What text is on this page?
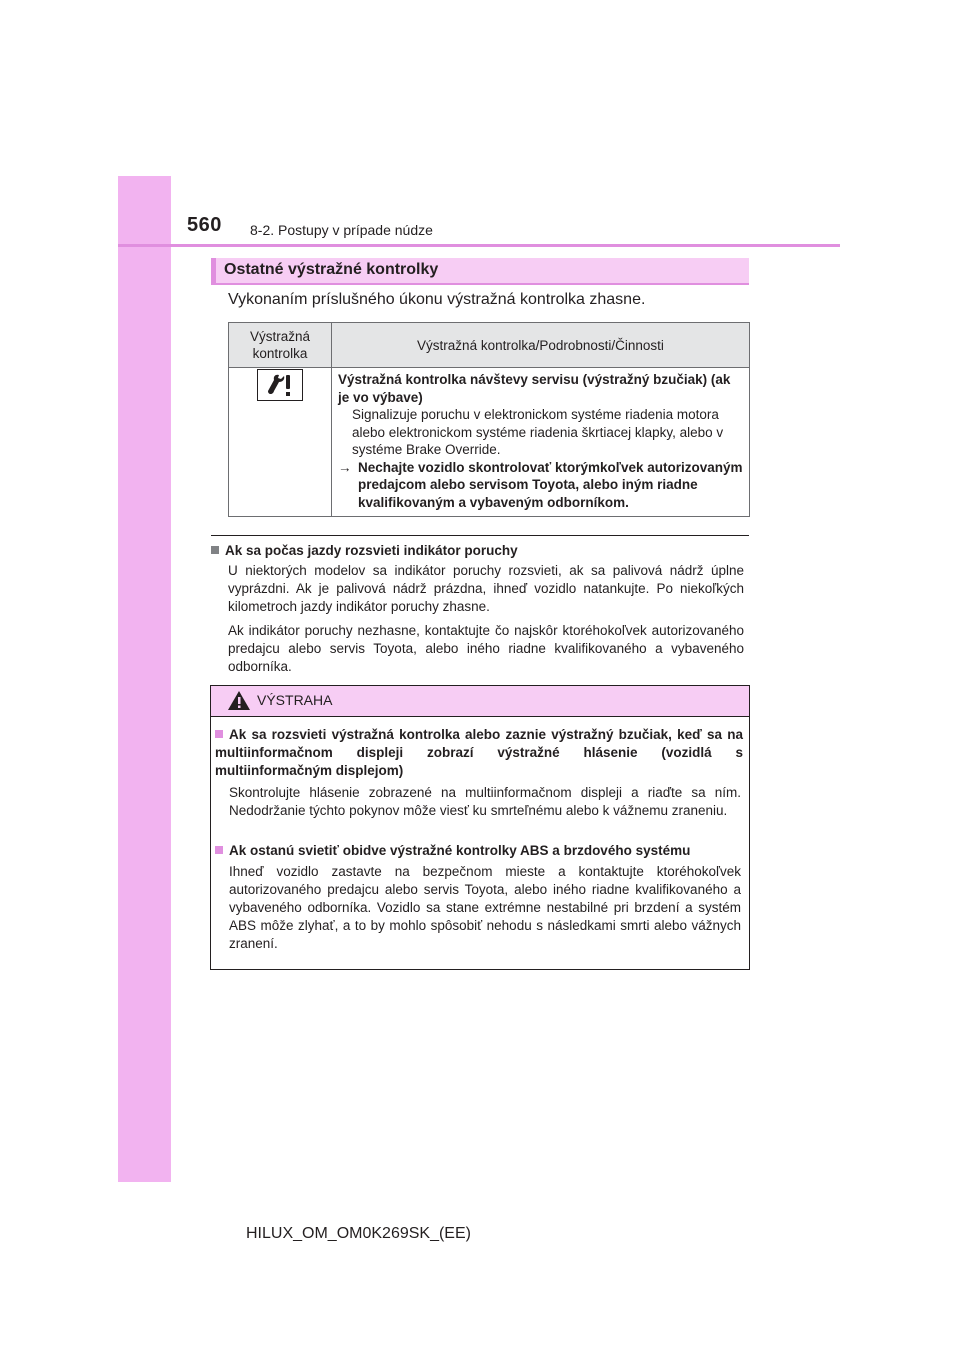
560 8-2. Postupy v prípade núdze
Ostatné výstražné kontrolky
Vykonaním príslušného úkonu výstražná kontrolka zhasne.
Výstražná kontrolka	Výstražná kontrolka/Podrobnosti/Činnosti

Výstražná kontrolka návštevy servisu (výstražný bzučiak) (ak je vo výbave)
Signalizuje poruchu v elektronickom systéme riadenia motora alebo elektronickom systéme riadenia škrtiacej klapky, alebo v systéme Brake Override.
→ Nechajte vozidlo skontrolovať ktorýmkoľvek autorizovaným predajcom alebo servisom Toyota, alebo iným riadne kvalifikovaným a vybaveným odborníkom.
Ak sa počas jazdy rozsvieti indikátor poruchy
U niektorých modelov sa indikátor poruchy rozsvieti, ak sa palivová nádrž úplne vyprázdni. Ak je palivová nádrž prázdna, ihneď vozidlo natankujte. Po niekoľkých kilometroch jazdy indikátor poruchy zhasne.
Ak indikátor poruchy nezhasne, kontaktujte čo najskôr ktoréhokoľvek autorizovaného predajcu alebo servis Toyota, alebo iného riadne kvalifikovaného a vybaveného odborníka.
VÝSTRAHA
Ak sa rozsvieti výstražná kontrolka alebo zaznie výstražný bzučiak, keď sa na multiinformačnom displeji zobrazí výstražné hlásenie (vozidlá s multiinformačným displejom)
Skontrolujte hlásenie zobrazené na multiinformačnom displeji a riaďte sa ním. Nedodržanie týchto pokynov môže viesť ku smrteľnému alebo k vážnemu zraneniu.
Ak ostanú svietiť obidve výstražné kontrolky ABS a brzdového systému
Ihneď vozidlo zastavte na bezpečnom mieste a kontaktujte ktoréhokoľvek autorizovaného predajcu alebo servis Toyota, alebo iného riadne kvalifikovaného a vybaveného odborníka. Vozidlo sa stane extrémne nestabilné pri brzdení a systém ABS môže zlyhať, a to by mohlo spôsobiť nehodu s následkami smrti alebo vážnych zranení.
HILUX_OM_OM0K269SK_(EE)
